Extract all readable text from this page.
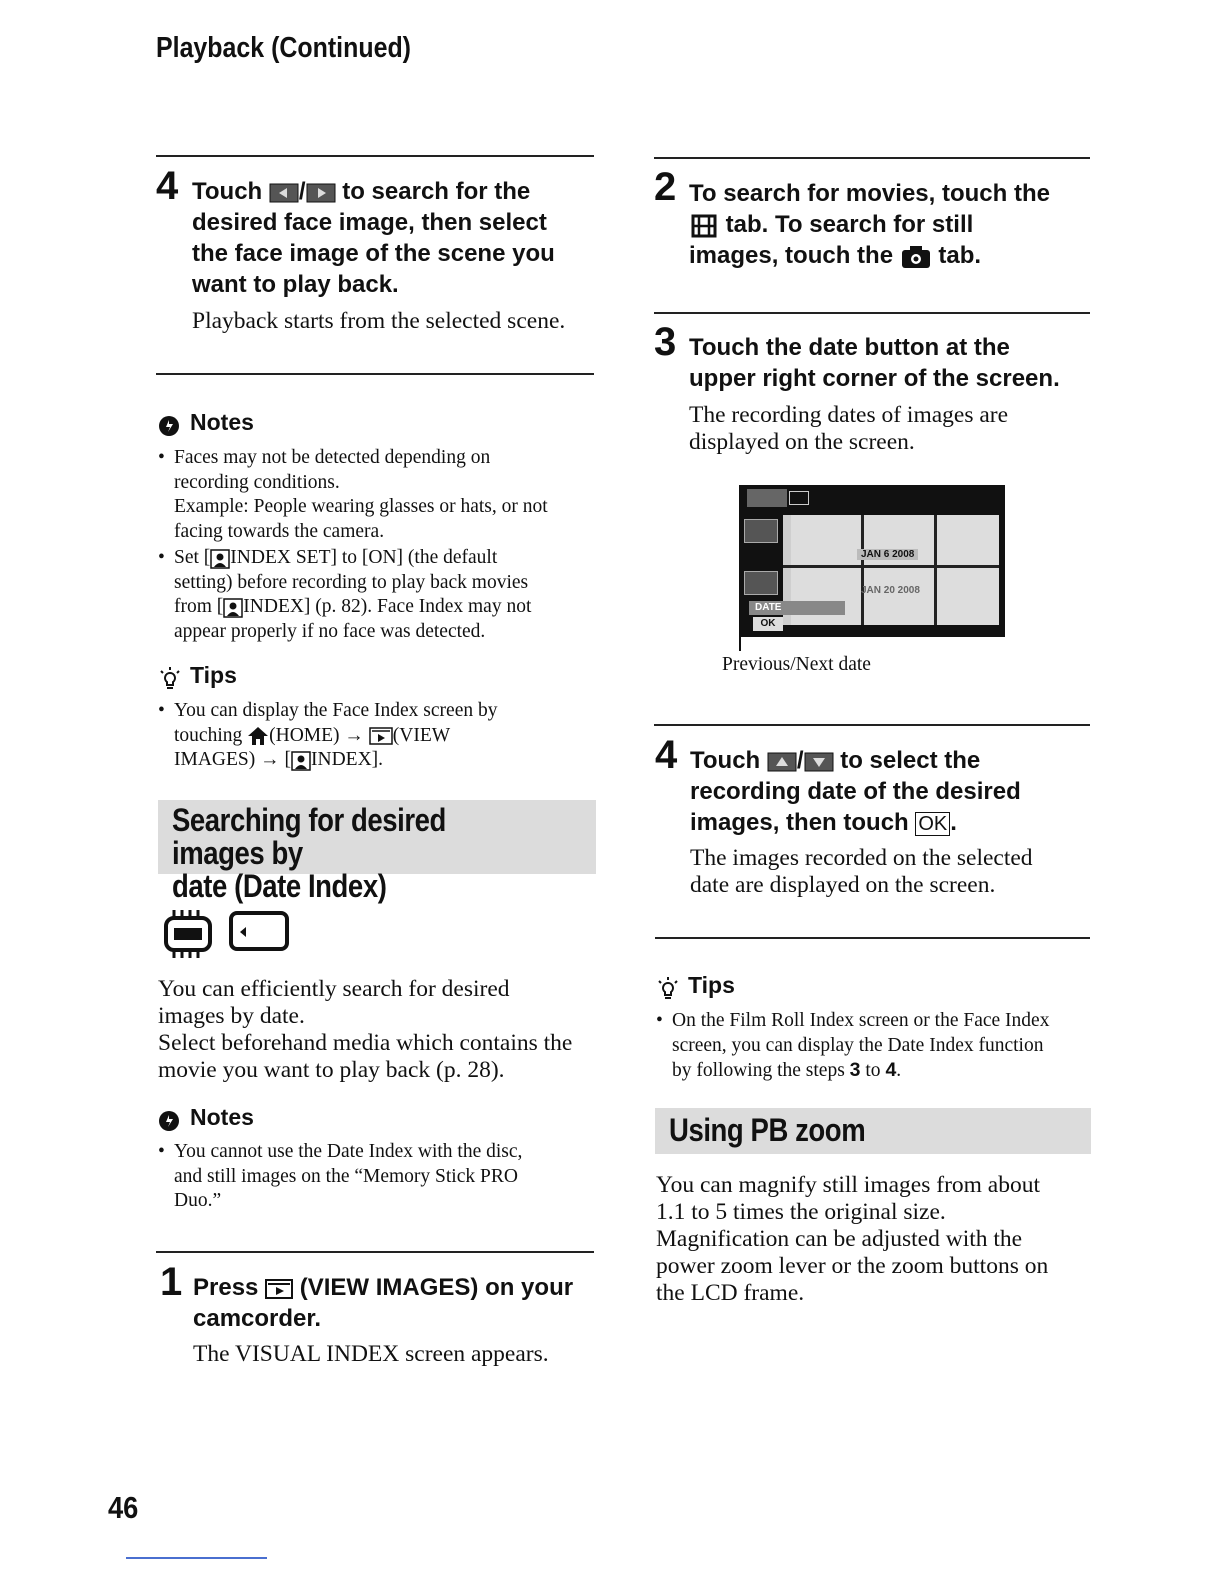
Playback (Continued)
4 Touch / to search for the
desired face image, then select
the face image of the scene you
want to play back.
Playback starts from the selected scene.
Notes
• Faces may not be detected depending on
recording conditions.
Example: People wearing glasses or hats, or not
facing towards the camera.
• Set [ INDEX SET] to [ON] (the default
setting) before recording to play back movies
from [ INDEX] (p. 82). Face Index may not
appear properly if no face was detected.
Tips
• You can display the Face Index screen by
touching (HOME) → (VIEW
IMAGES) → [ INDEX].
Searching for desired images by
date (Date Index)
You can efficiently search for desired
images by date.
Select beforehand media which contains the
movie you want to play back (p. 28).
Notes
• You cannot use the Date Index with the disc,
and still images on the “Memory Stick PRO
Duo.”
1 Press (VIEW IMAGES) on your
camcorder.
The VISUAL INDEX screen appears.
2 To search for movies, touch the
tab. To search for still
images, touch the tab.
3 Touch the date button at the
upper right corner of the screen.
The recording dates of images are
displayed on the screen.
JAN 6 2008
JAN 20 2008
DATE
OK
Previous/Next date
4 Touch / to select the
recording date of the desired
images, then touch OK .
The images recorded on the selected
date are displayed on the screen.
Tips
• On the Film Roll Index screen or the Face Index
screen, you can display the Date Index function
by following the steps 3 to 4.
Using PB zoom
You can magnify still images from about
1.1 to 5 times the original size.
Magnification can be adjusted with the
power zoom lever or the zoom buttons on
the LCD frame.
46
